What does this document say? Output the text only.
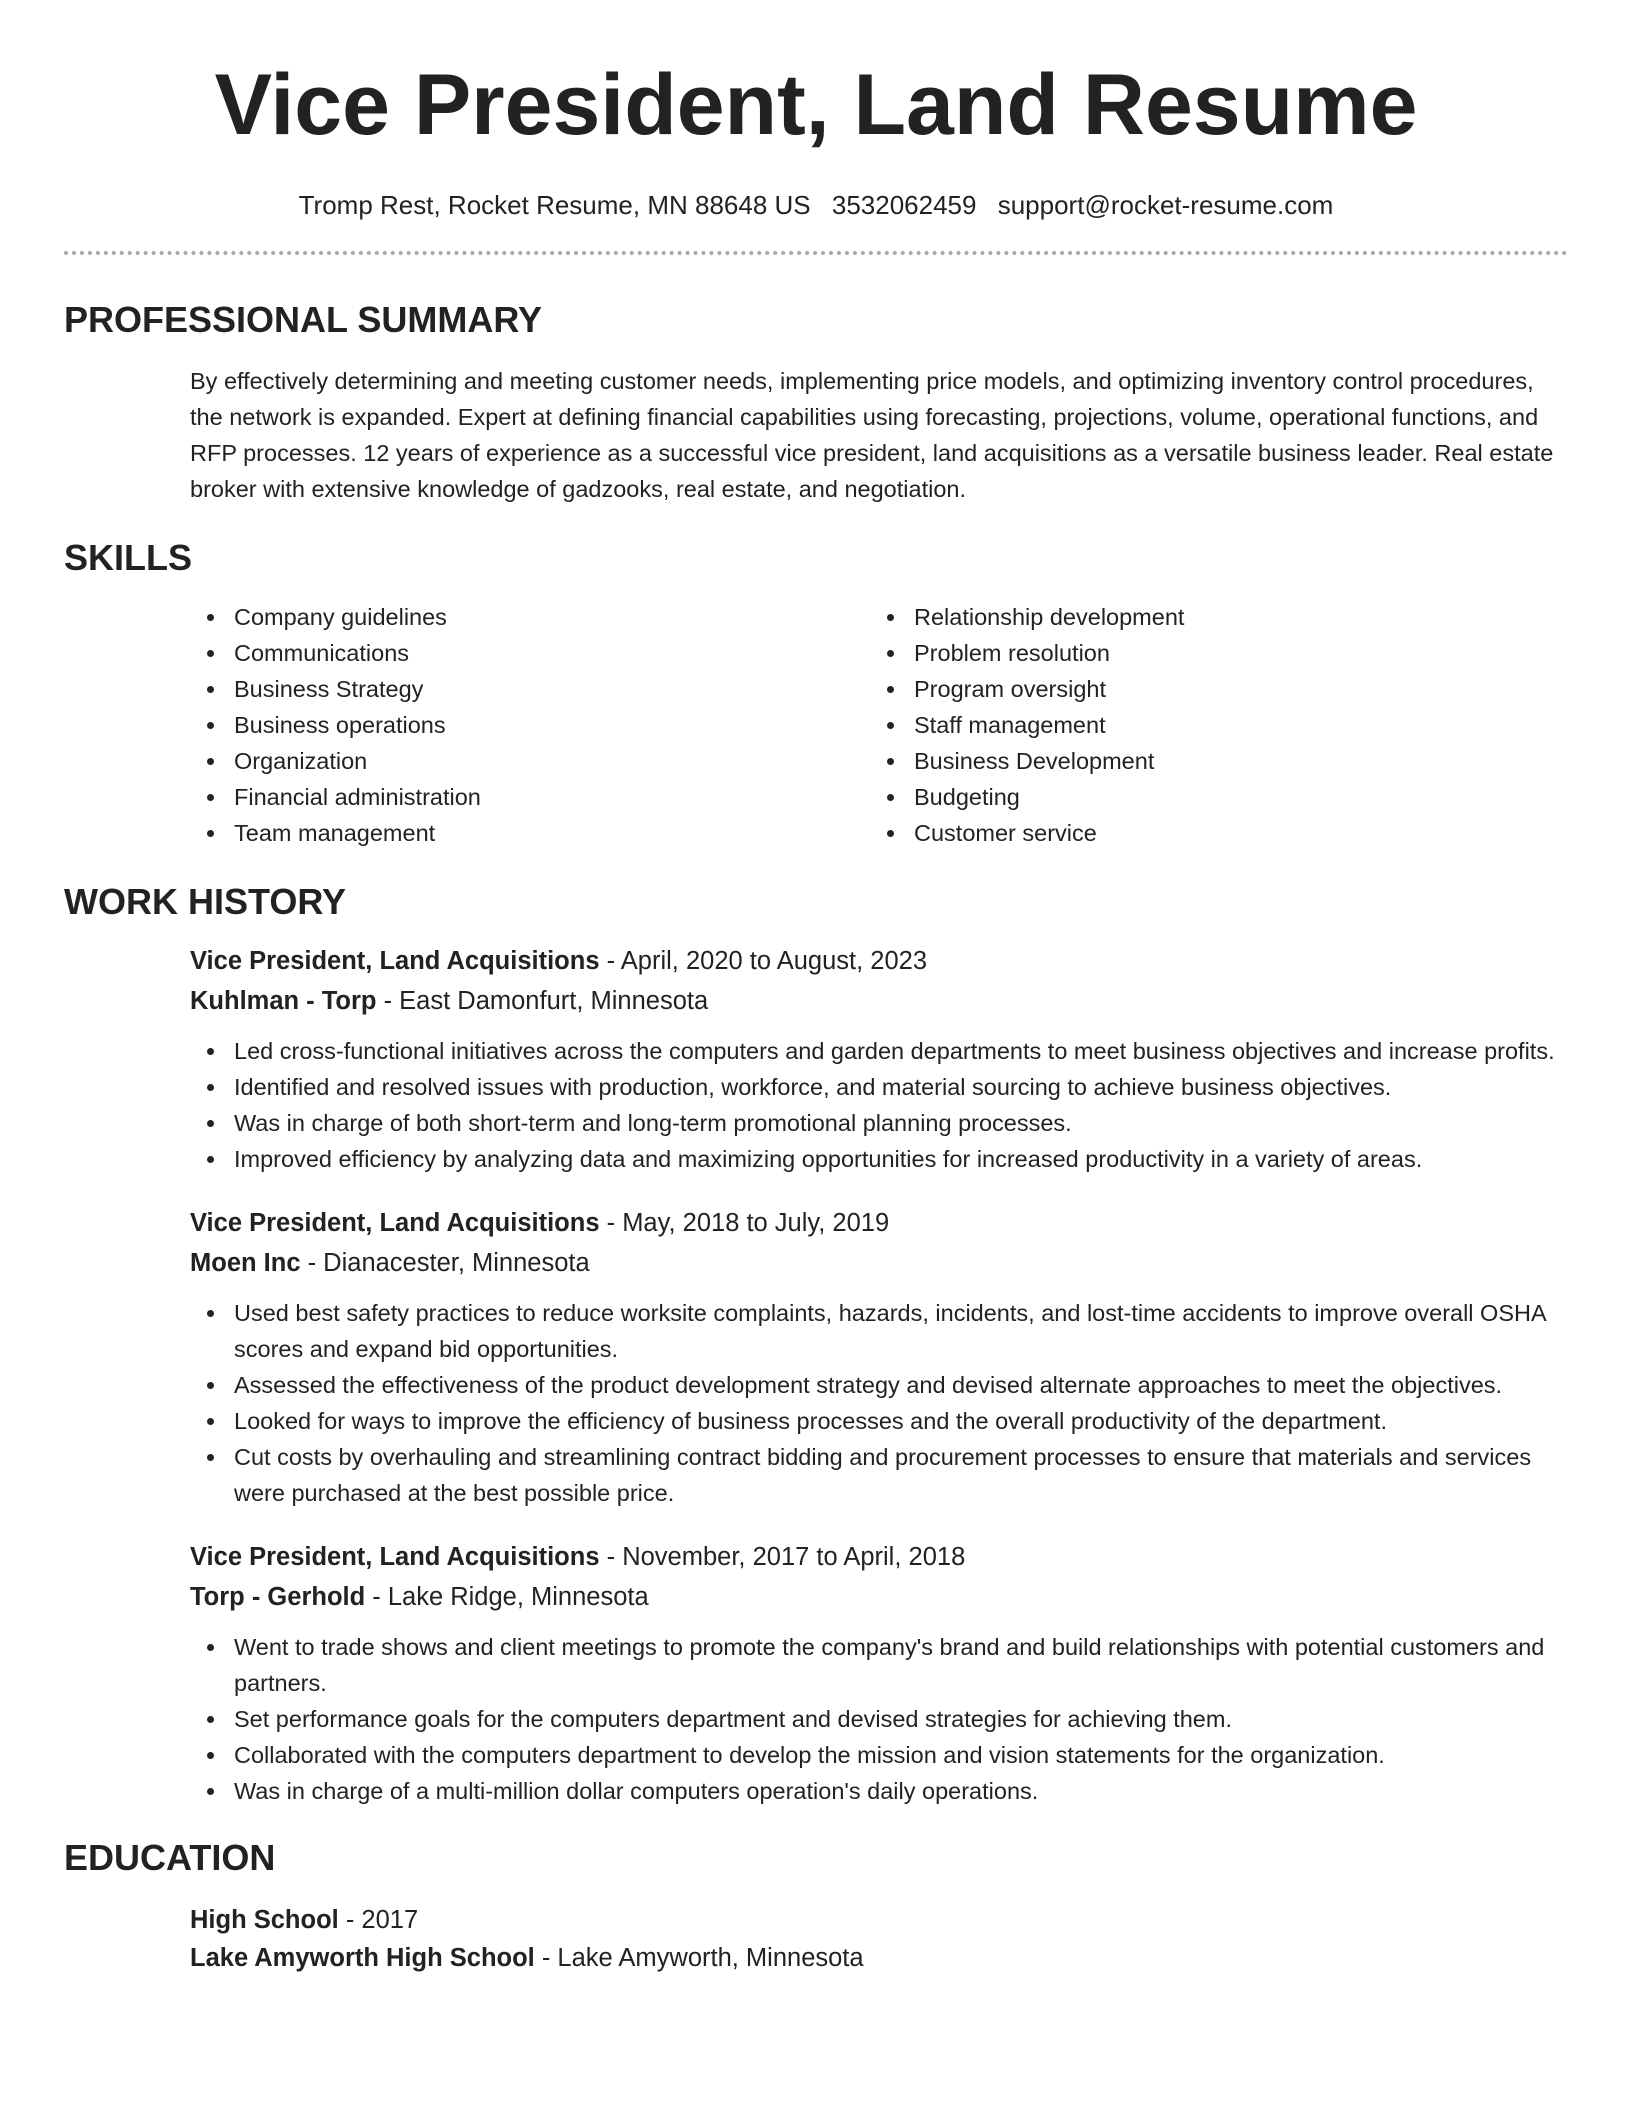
Vice President, Land Resume
Tromp Rest, Rocket Resume, MN 88648 US 3532062459 support@rocket-resume.com
PROFESSIONAL SUMMARY

By effectively determining and meeting customer needs, implementing price models, and optimizing inventory control procedures, the network is expanded. Expert at defining financial capabilities using forecasting, projections, volume, operational functions, and RFP processes. 12 years of experience as a successful vice president, land acquisitions as a versatile business leader. Real estate broker with extensive knowledge of gadzooks, real estate, and negotiation.

SKILLS
Company guidelines
Communications
Business Strategy
Business operations
Organization
Financial administration
Team management
Relationship development
Problem resolution
Program oversight
Staff management
Business Development
Budgeting
Customer service
WORK HISTORY
Vice President, Land Acquisitions - April, 2020 to August, 2023
Kuhlman - Torp - East Damonfurt, Minnesota
Led cross-functional initiatives across the computers and garden departments to meet business objectives and increase profits.
Identified and resolved issues with production, workforce, and material sourcing to achieve business objectives.
Was in charge of both short-term and long-term promotional planning processes.
Improved efficiency by analyzing data and maximizing opportunities for increased productivity in a variety of areas.
Vice President, Land Acquisitions - May, 2018 to July, 2019
Moen Inc - Dianacester, Minnesota
Used best safety practices to reduce worksite complaints, hazards, incidents, and lost-time accidents to improve overall OSHA scores and expand bid opportunities.
Assessed the effectiveness of the product development strategy and devised alternate approaches to meet the objectives.
Looked for ways to improve the efficiency of business processes and the overall productivity of the department.
Cut costs by overhauling and streamlining contract bidding and procurement processes to ensure that materials and services were purchased at the best possible price.
Vice President, Land Acquisitions - November, 2017 to April, 2018
Torp - Gerhold - Lake Ridge, Minnesota
Went to trade shows and client meetings to promote the company's brand and build relationships with potential customers and partners.
Set performance goals for the computers department and devised strategies for achieving them.
Collaborated with the computers department to develop the mission and vision statements for the organization.
Was in charge of a multi-million dollar computers operation's daily operations.
EDUCATION
High School - 2017
Lake Amyworth High School - Lake Amyworth, Minnesota
